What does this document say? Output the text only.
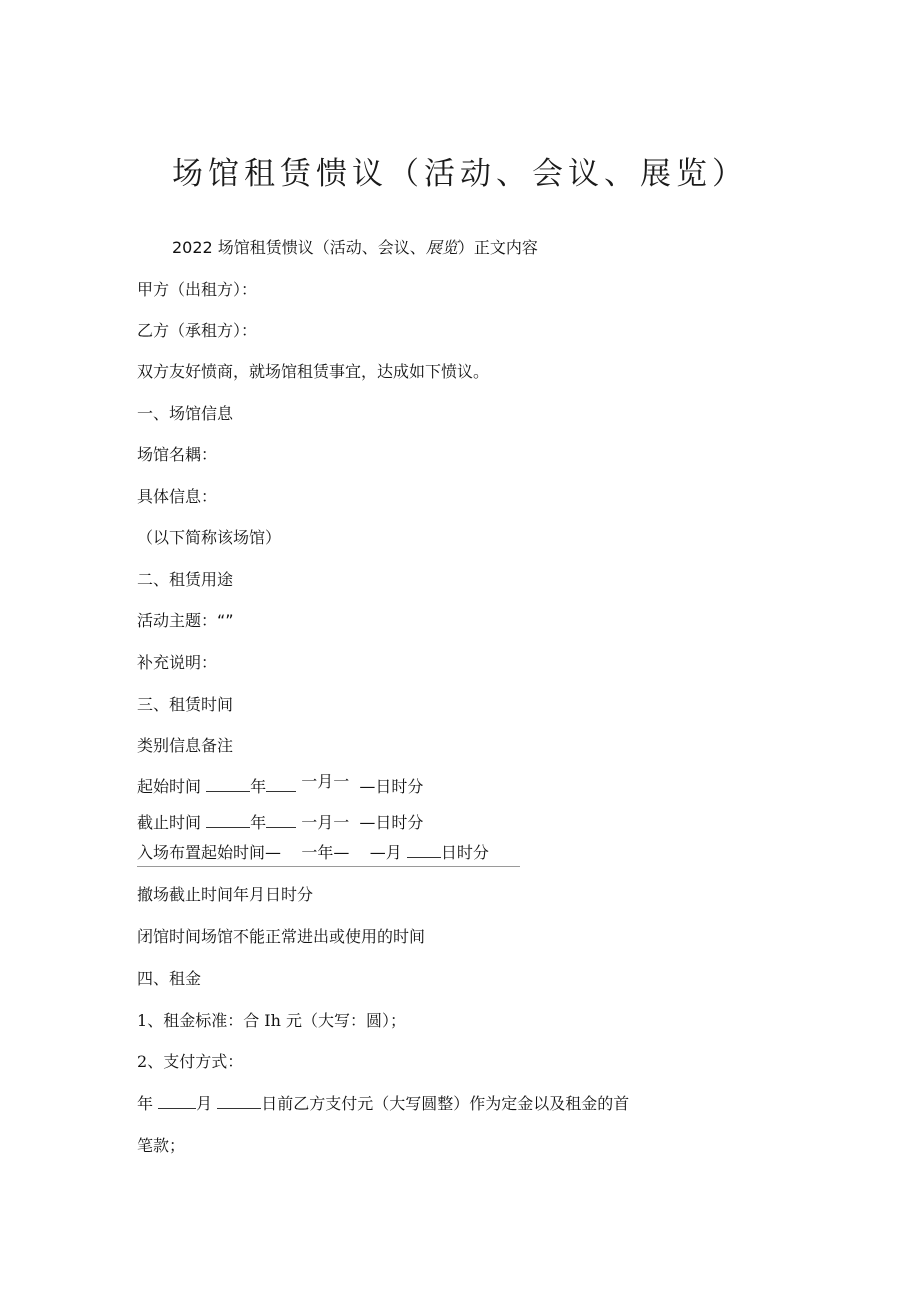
场馆租赁愦议（活动、会议、展览）
2022 场馆租赁愦议（活动、会议、展览）正文内容
甲方（出租方）：
乙方（承租方）：
双方友好愤商，就场馆租赁事宜，达成如下愤议。
一、场馆信息
场馆名耦：
具体信息：
（以下简称该场馆）
二、租赁用途
活动主题：“”
补充说明：
三、租赁时间
类别信息备注
起始时间	年 一月一 —日时分
截止时间	年 一月一 —日时分
入场布置起始时间— 一年— —月 日时分
撤场截止时间年月日时分
闭馆时间场馆不能正常进出或使用的时间
四、租金
1、租金标准：合 Ih 元（大写：圆）；
2、支付方式：
年	月	日前乙方支付元（大写圆整）作为定金以及租金的首
笔款；
